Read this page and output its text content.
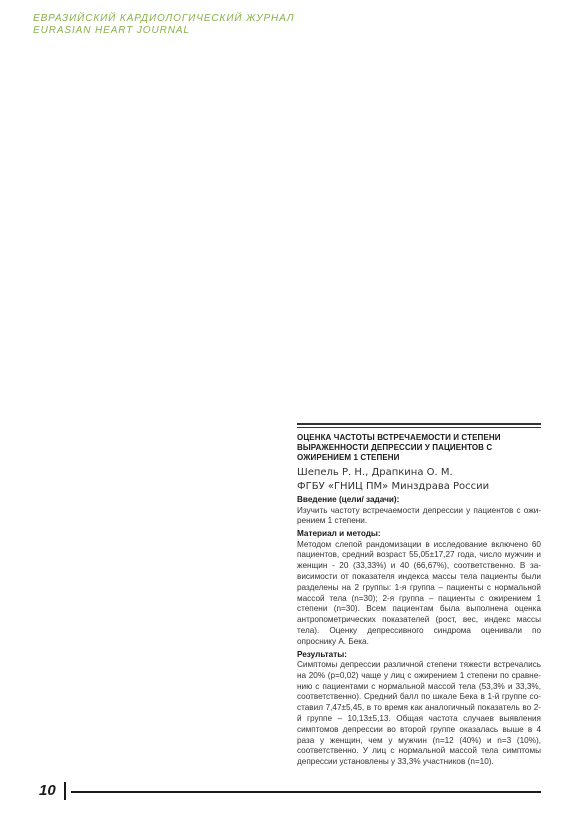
ЕВРАЗИЙСКИЙ КАРДИОЛОГИЧЕСКИЙ ЖУРНАЛ
EURASIAN HEART JOURNAL
ОЦЕНКА ЧАСТОТЫ ВСТРЕЧАЕМОСТИ И СТЕПЕНИ ВЫРАЖЕННОСТИ ДЕПРЕССИИ У ПАЦИЕНТОВ С ОЖИРЕНИЕМ 1 СТЕПЕНИ
Шепель Р. Н., Драпкина О. М.
ФГБУ «ГНИЦ ПМ» Минздрава России
Введение (цели/ задачи):
Изучить частоту встречаемости депрессии у пациентов с ожирением 1 степени.
Материал и методы:
Методом слепой рандомизации в исследование включено 60 пациентов, средний возраст 55,05±17,27 года, число мужчин и женщин - 20 (33,33%) и 40 (66,67%), соответственно. В зависимости от показателя индекса массы тела пациенты были разделены на 2 группы: 1-я группа – пациенты с нормальной массой тела (n=30); 2-я группа – пациенты с ожирением 1 степени (n=30). Всем пациентам была выполнена оценка антропометрических показателей (рост, вес, индекс массы тела). Оценку депрессивного синдрома оценивали по опроснику А. Бека.
Результаты:
Симптомы депрессии различной степени тяжести встречались на 20% (p=0,02) чаще у лиц с ожирением 1 степени по сравнению с пациентами с нормальной массой тела (53,3% и 33,3%, соответственно). Средний балл по шкале Бека в 1-й группе составил 7,47±5,45, в то время как аналогичный показатель во 2-й группе – 10,13±5,13. Общая частота случаев выявления симптомов депрессии во второй группе оказалась выше в 4 раза у женщин, чем у мужчин (n=12 (40%) и n=3 (10%), соответственно. У лиц с нормальной массой тела симптомы депрессии установлены у 33,3% участников (n=10).
10
